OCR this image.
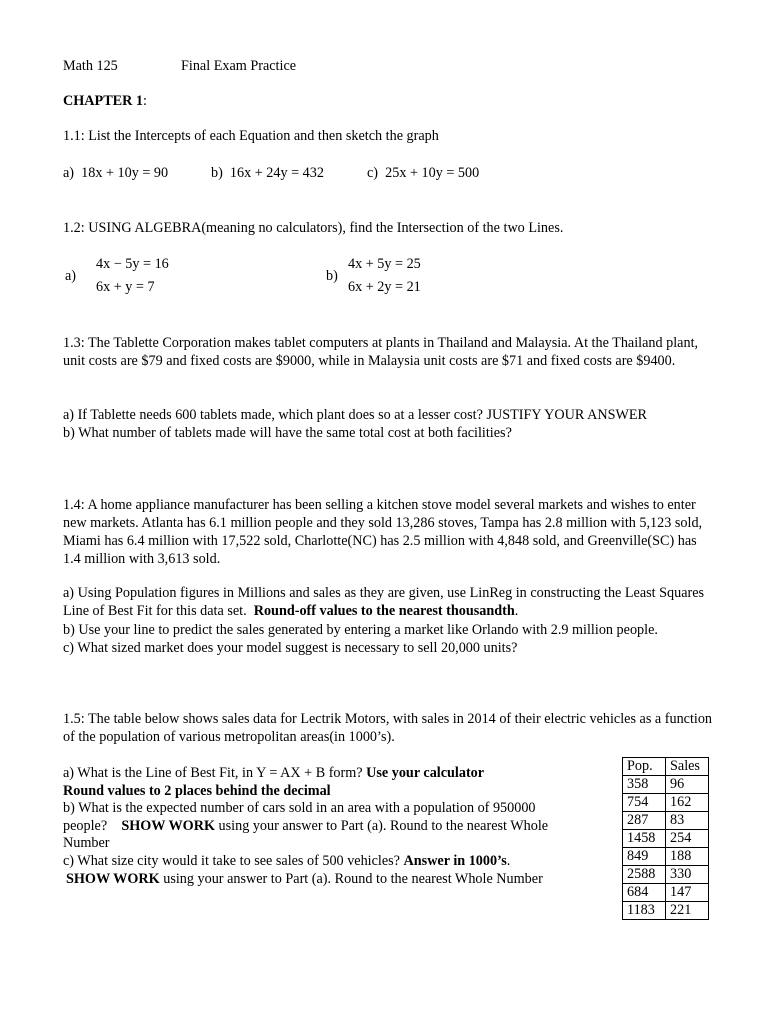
Math 125	Final Exam Practice
CHAPTER 1:
1.1: List the Intercepts of each Equation and then sketch the graph
a) 18x + 10y = 90	b) 16x + 24y = 432	c) 25x + 10y = 500
1.2: USING ALGEBRA(meaning no calculators), find the Intersection of the two Lines.
a)
4x − 5y = 16
6x + y = 7
b)
4x + 5y = 25
6x + 2y = 21
1.3: The Tablette Corporation makes tablet computers at plants in Thailand and Malaysia. At the Thailand plant, unit costs are $79 and fixed costs are $9000, while in Malaysia unit costs are $71 and fixed costs are $9400.
a) If Tablette needs 600 tablets made, which plant does so at a lesser cost? JUSTIFY YOUR ANSWER
b) What number of tablets made will have the same total cost at both facilities?
1.4: A home appliance manufacturer has been selling a kitchen stove model several markets and wishes to enter new markets. Atlanta has 6.1 million people and they sold 13,286 stoves, Tampa has 2.8 million with 5,123 sold, Miami has 6.4 million with 17,522 sold, Charlotte(NC) has 2.5 million with 4,848 sold, and Greenville(SC) has 1.4 million with 3,613 sold.
a) Using Population figures in Millions and sales as they are given, use LinReg in constructing the Least Squares Line of Best Fit for this data set. Round-off values to the nearest thousandth.
b) Use your line to predict the sales generated by entering a market like Orlando with 2.9 million people.
c) What sized market does your model suggest is necessary to sell 20,000 units?
1.5: The table below shows sales data for Lectrik Motors, with sales in 2014 of their electric vehicles as a function of the population of various metropolitan areas(in 1000’s).
a) What is the Line of Best Fit, in Y = AX + B form? Use your calculator
Round values to 2 places behind the decimal
b) What is the expected number of cars sold in an area with a population of 950000
people? SHOW WORK using your answer to Part (a). Round to the nearest Whole
Number
c) What size city would it take to see sales of 500 vehicles? Answer in 1000’s.
SHOW WORK using your answer to Part (a). Round to the nearest Whole Number
Pop.	Sales
358	96
754	162
287	83
1458	254
849	188
2588	330
684	147
1183	221
